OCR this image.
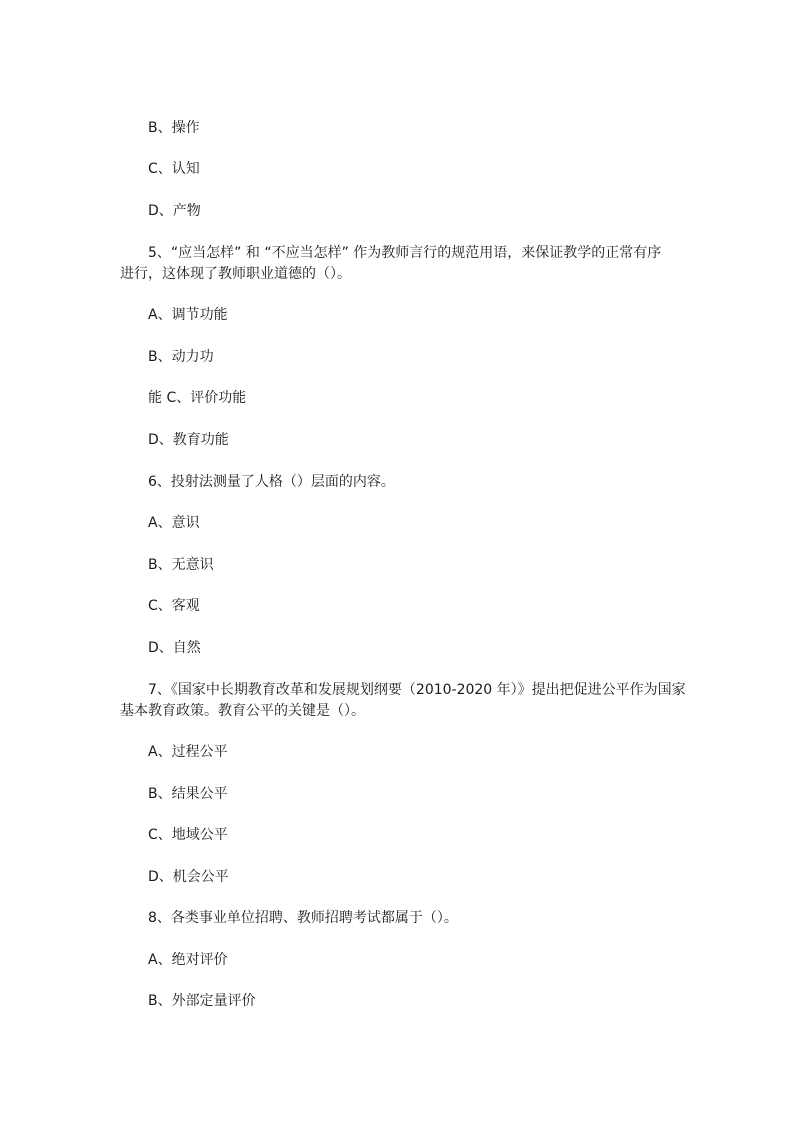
B、操作
C、认知
D、产物
5、“应当怎样” 和 “不应当怎样” 作为教师言行的规范用语，来保证教学的正常有序
进行，这体现了教师职业道德的（）。
A、调节功能
B、动力功
能 C、评价功能
D、教育功能
6、投射法测量了人格（）层面的内容。
A、意识
B、无意识
C、客观
D、自然
7、《国家中长期教育改革和发展规划纲要（2010-2020 年）》提出把促进公平作为国家
基本教育政策。教育公平的关键是（）。
A、过程公平
B、结果公平
C、地域公平
D、机会公平
8、各类事业单位招聘、教师招聘考试都属于（）。
A、绝对评价
B、外部定量评价
